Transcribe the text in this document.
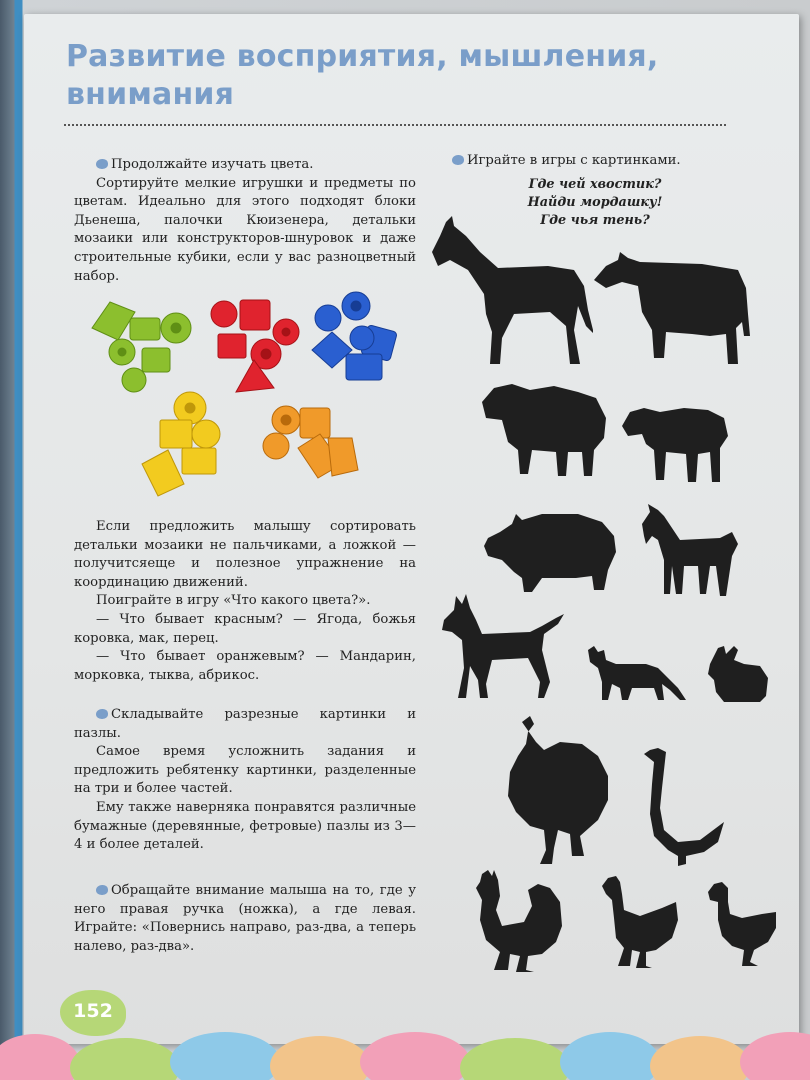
Развитие восприятия, мышления, внимания

Продолжайте изучать цвета.

Сортируйте мелкие игрушки и предметы по цветам. Идеально для этого подходят блоки Дьенеша, палочки Кюизенера, детальки мозаики или конструкторов-шнуровок и даже строительные кубики, если у вас разноцветный набор.

Если предложить малышу сортировать детальки мозаики не пальчиками, а ложкой — получитсяеще и полезное упражнение на координацию движений.

Поиграйте в игру «Что какого цвета?».

— Что бывает красным? — Ягода, божья коровка, мак, перец.

— Что бывает оранжевым? — Мандарин, морковка, тыква, абрикос.

Складывайте разрезные картинки и пазлы.

Самое время усложнить задания и предложить ребятенку картинки, разделенные на три и более частей.

Ему также наверняка понравятся различные бумажные (деревянные, фетровые) пазлы из 3—4 и более деталей.

Обращайте внимание малыша на то, где у него правая ручка (ножка), а где левая. Играйте: «Повернись направо, раз-два, а теперь налево, раз-два».

Играйте в игры с картинками.

Где чей хвостик?
Найди мордашку!
Где чья тень?
152
